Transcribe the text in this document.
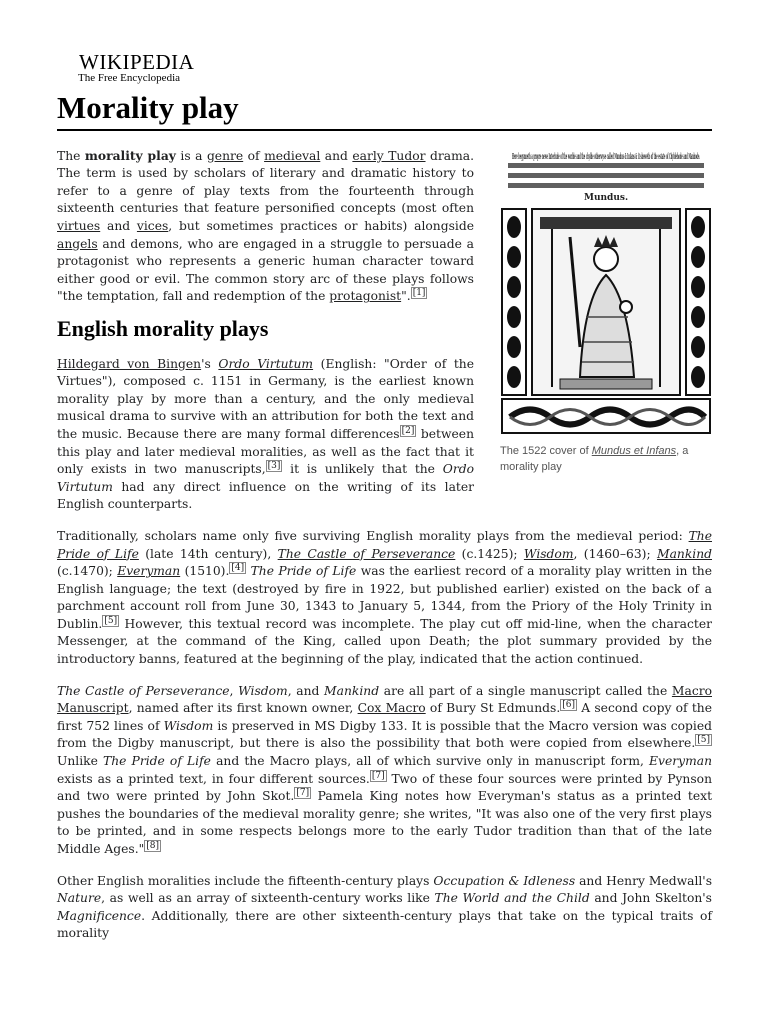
WIKIPEDIA
The Free Encyclopedia
Morality play
Here begynneth a propre newe Interlude of the worlde and the chylde otherwyse called Mundus & Infans & it sheweth of the estate of Chyldehode and Manhode.
Mundus.
The 1522 cover of Mundus et Infans, a morality play

The morality play is a genre of medieval and early Tudor drama. The term is used by scholars of literary and dramatic history to refer to a genre of play texts from the fourteenth through sixteenth centuries that feature personified concepts (most often virtues and vices, but sometimes practices or habits) alongside angels and demons, who are engaged in a struggle to persuade a protagonist who represents a generic human character toward either good or evil. The common story arc of these plays follows "the temptation, fall and redemption of the protagonist". [1]

English morality plays

Hildegard von Bingen's Ordo Virtutum (English: "Order of the Virtues"), composed c. 1151 in Germany, is the earliest known morality play by more than a century, and the only medieval musical drama to survive with an attribution for both the text and the music. Because there are many formal differences [2] between this play and later medieval moralities, as well as the fact that it only exists in two manuscripts, [3] it is unlikely that the Ordo Virtutum had any direct influence on the writing of its later English counterparts.

Traditionally, scholars name only five surviving English morality plays from the medieval period: The Pride of Life (late 14th century), The Castle of Perseverance (c.1425); Wisdom, (1460–63); Mankind (c.1470); Everyman (1510). [4] The Pride of Life was the earliest record of a morality play written in the English language; the text (destroyed by fire in 1922, but published earlier) existed on the back of a parchment account roll from June 30, 1343 to January 5, 1344, from the Priory of the Holy Trinity in Dublin. [5] However, this textual record was incomplete. The play cut off mid-line, when the character Messenger, at the command of the King, called upon Death; the plot summary provided by the introductory banns, featured at the beginning of the play, indicated that the action continued.

The Castle of Perseverance, Wisdom, and Mankind are all part of a single manuscript called the Macro Manuscript, named after its first known owner, Cox Macro of Bury St Edmunds. [6] A second copy of the first 752 lines of Wisdom is preserved in MS Digby 133. It is possible that the Macro version was copied from the Digby manuscript, but there is also the possibility that both were copied from elsewhere. [5] Unlike The Pride of Life and the Macro plays, all of which survive only in manuscript form, Everyman exists as a printed text, in four different sources. [7] Two of these four sources were printed by Pynson and two were printed by John Skot. [7] Pamela King notes how Everyman's status as a printed text pushes the boundaries of the medieval morality genre; she writes, "It was also one of the very first plays to be printed, and in some respects belongs more to the early Tudor tradition than that of the late Middle Ages." [8]

Other English moralities include the fifteenth-century plays Occupation & Idleness and Henry Medwall's Nature, as well as an array of sixteenth-century works like The World and the Child and John Skelton's Magnificence. Additionally, there are other sixteenth-century plays that take on the typical traits of morality
